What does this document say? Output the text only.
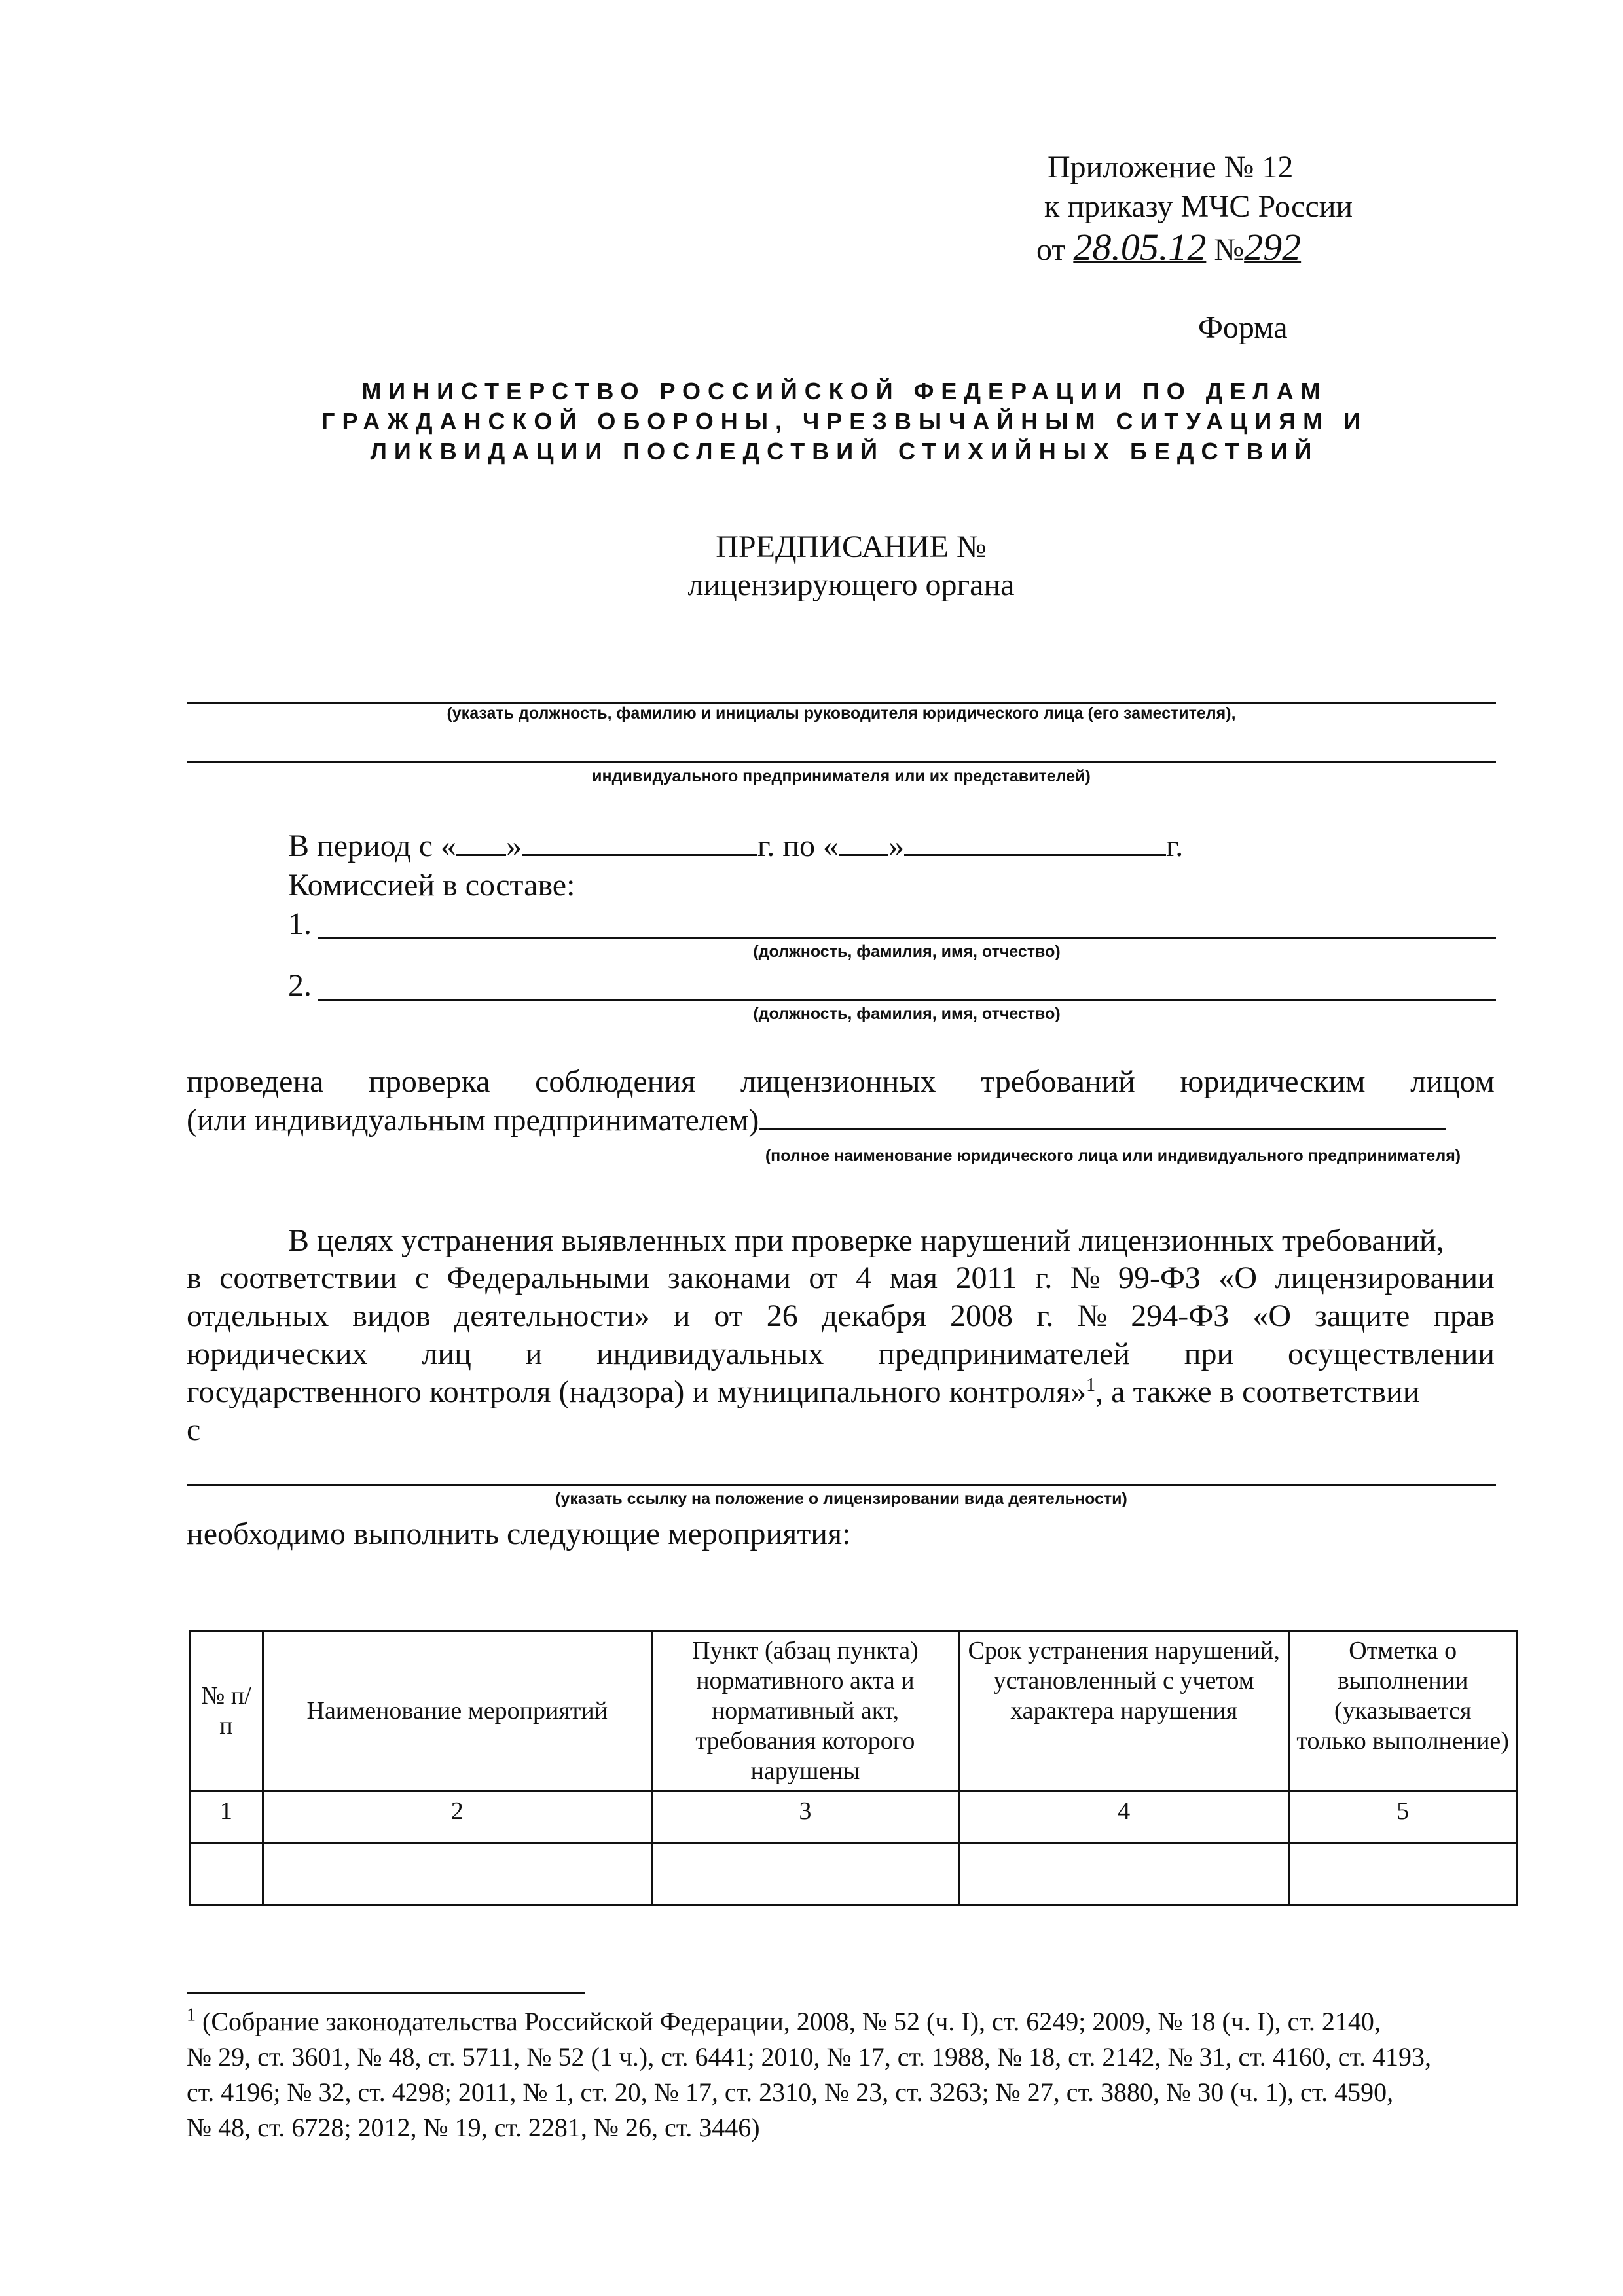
Приложение № 12
к приказу МЧС России
от 28.05.12 №292
Форма
МИНИСТЕРСТВО РОССИЙСКОЙ ФЕДЕРАЦИИ ПО ДЕЛАМ
ГРАЖДАНСКОЙ ОБОРОНЫ, ЧРЕЗВЫЧАЙНЫМ СИТУАЦИЯМ И
ЛИКВИДАЦИИ ПОСЛЕДСТВИЙ СТИХИЙНЫХ БЕДСТВИЙ
ПРЕДПИСАНИЕ №
лицензирующего органа
(указать должность, фамилию и инициалы руководителя юридического лица (его заместителя),
индивидуального предпринимателя или их представителей)
В период с « »	г. по « »	г.
Комиссией в составе:
1.
(должность, фамилия, имя, отчество)
2.
(должность, фамилия, имя, отчество)
проведена проверка соблюдения лицензионных требований юридическим лицом
(или индивидуальным предпринимателем)
(полное наименование юридического лица или индивидуального предпринимателя)
В целях устранения выявленных при проверке нарушений лицензионных требований,
в соответствии с Федеральными законами от 4 мая 2011 г. № 99-ФЗ «О лицензировании
отдельных видов деятельности» и от 26 декабря 2008 г. № 294-ФЗ «О защите прав
юридических лиц и индивидуальных предпринимателей при осуществлении
государственного контроля (надзора) и муниципального контроля»$^1$, а также в соответствии
с
(указать ссылку на положение о лицензировании вида деятельности)
необходимо выполнить следующие мероприятия:
№ п/п	Наименование мероприятий	Пункт (абзац пункта) нормативного акта и нормативный акт, требования которого нарушены	Срок устранения нарушений, установленный с учетом характера нарушения	Отметка о выполнении (указывается только выполнение)
1	2	3	4	5

$^1$ (Собрание законодательства Российской Федерации, 2008, № 52 (ч. I), ст. 6249; 2009, № 18 (ч. I), ст. 2140,
№ 29, ст. 3601, № 48, ст. 5711, № 52 (1 ч.), ст. 6441; 2010, № 17, ст. 1988, № 18, ст. 2142, № 31, ст. 4160, ст. 4193,
ст. 4196; № 32, ст. 4298; 2011, № 1, ст. 20, № 17, ст. 2310, № 23, ст. 3263; № 27, ст. 3880, № 30 (ч. 1), ст. 4590,
№ 48, ст. 6728; 2012, № 19, ст. 2281, № 26, ст. 3446)
